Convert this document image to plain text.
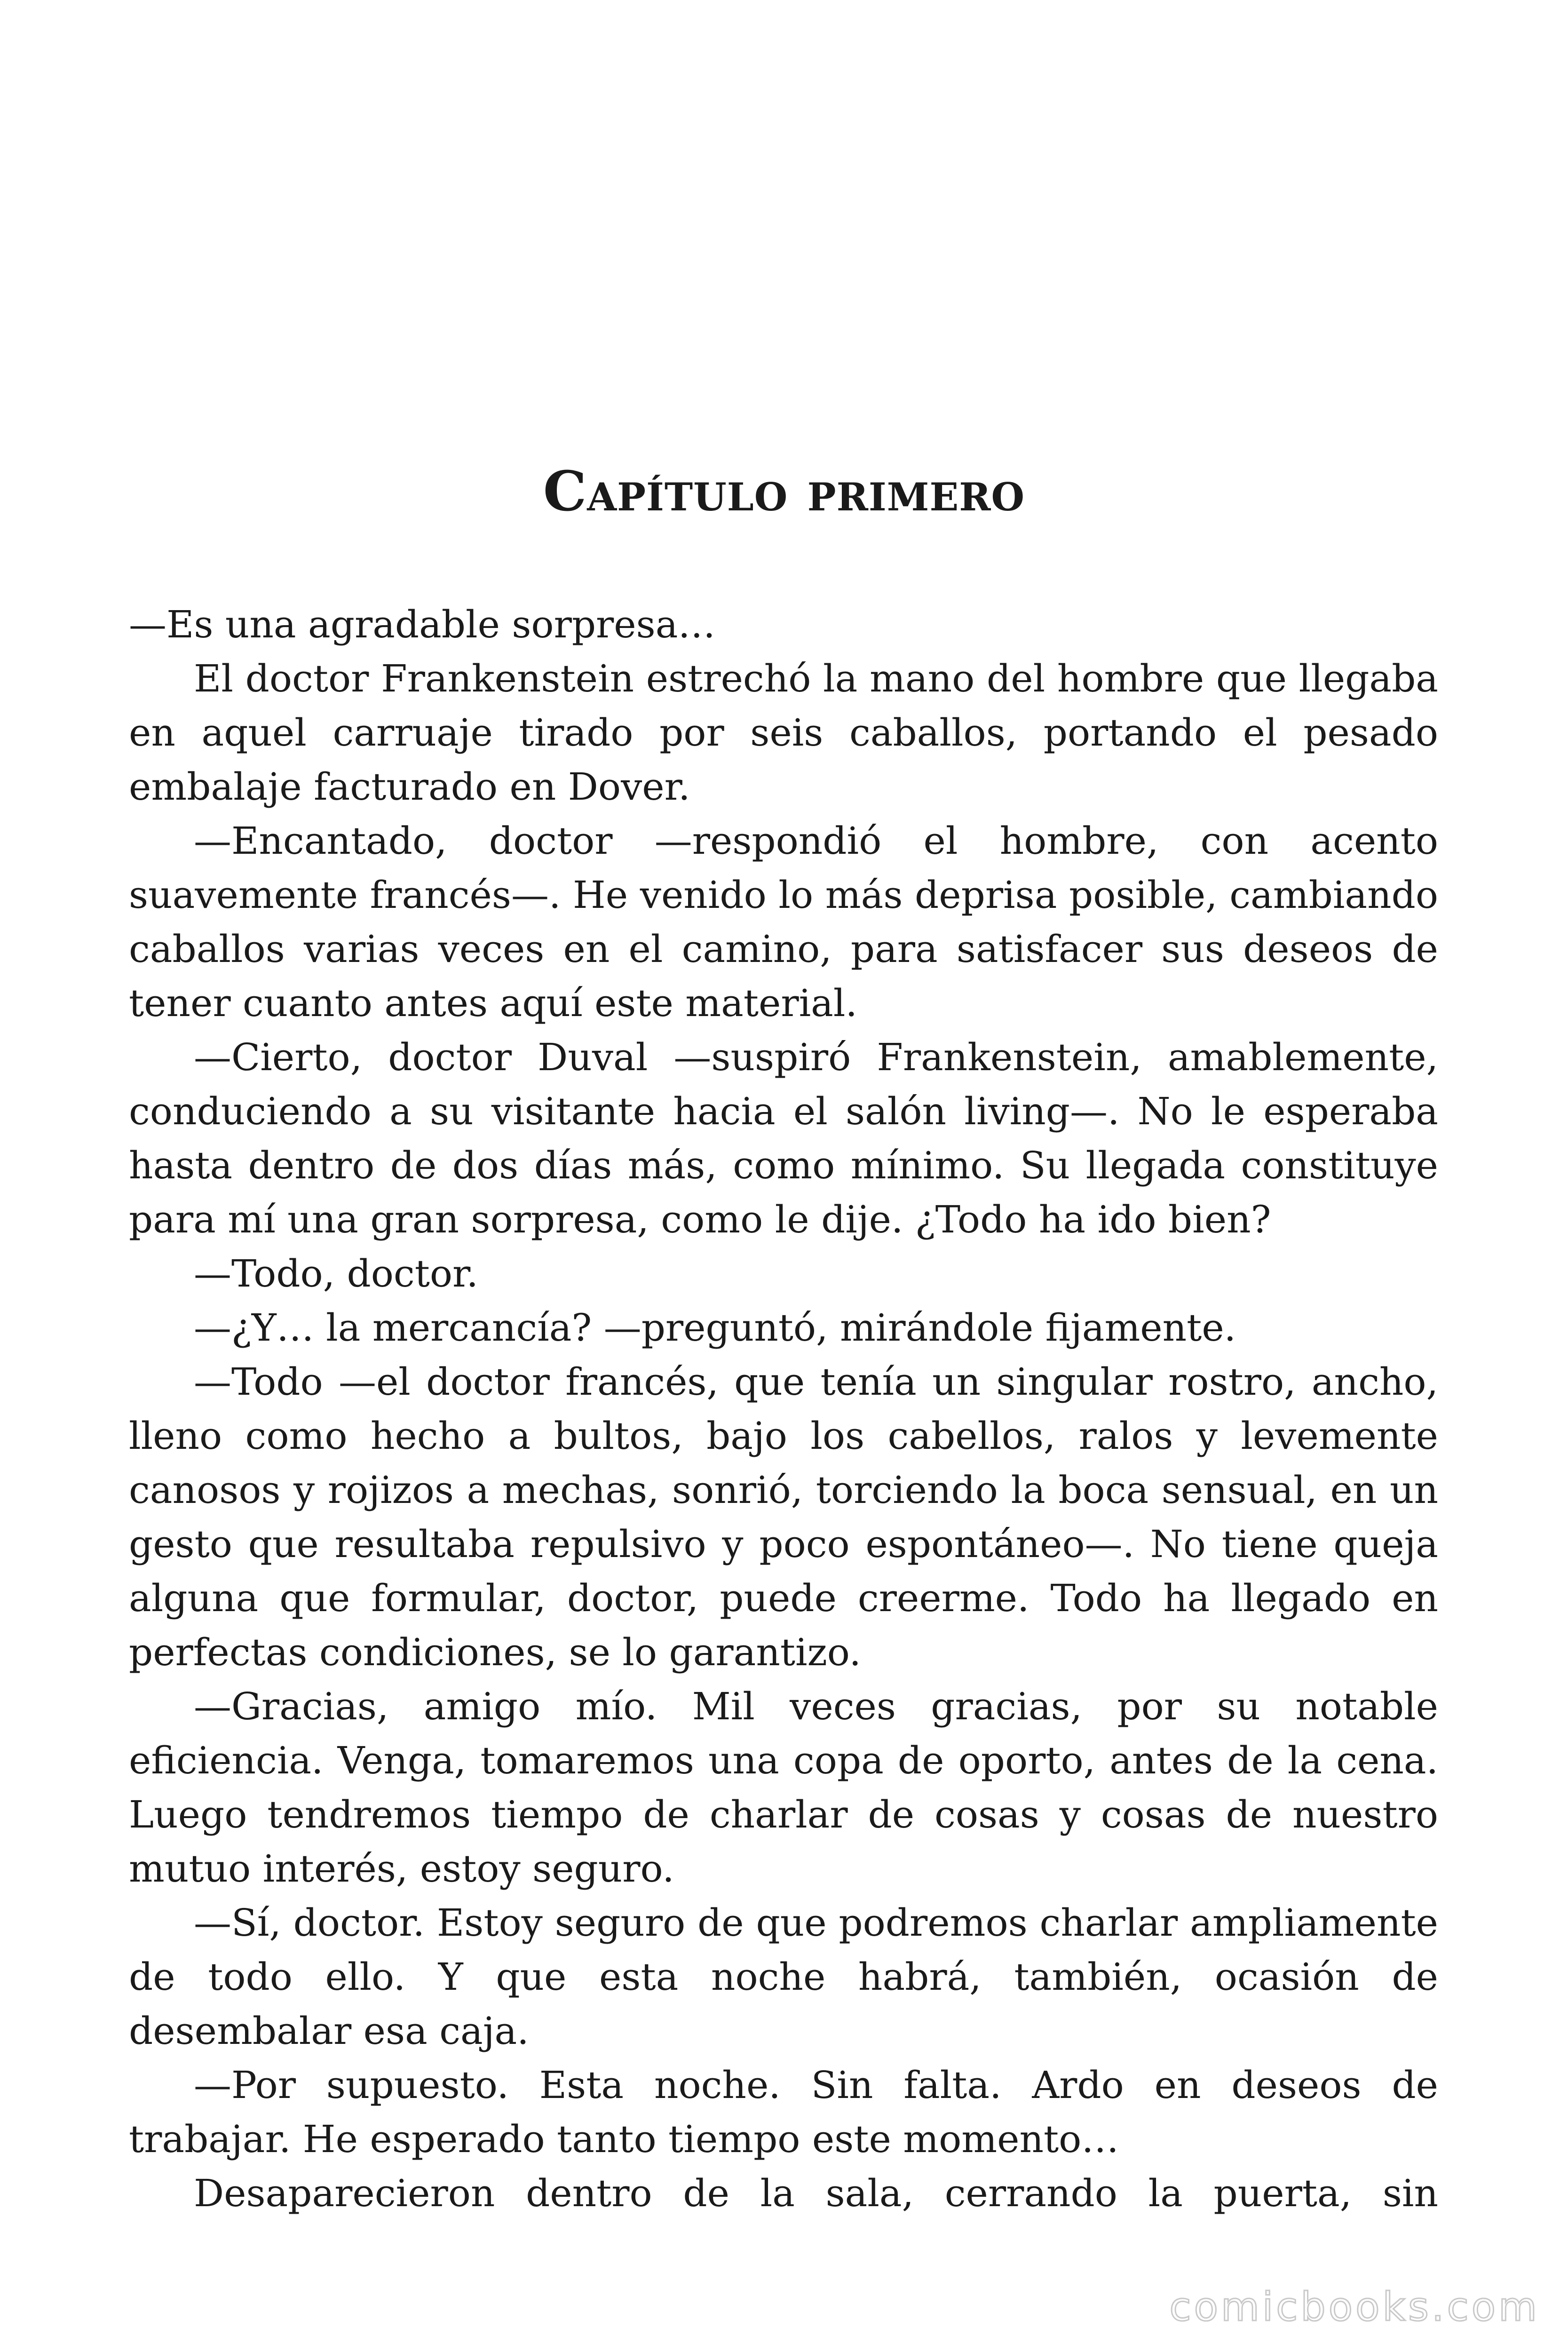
Capítulo primero

—Es una agradable sorpresa…

El doctor Frankenstein estrechó la mano del hombre que llegaba en aquel carruaje tirado por seis caballos, portando el pesado embalaje facturado en Dover.

—Encantado, doctor —respondió el hombre, con acento suavemente francés—. He venido lo más deprisa posible, cambiando caballos varias veces en el camino, para satisfacer sus deseos de tener cuanto antes aquí este material.

—Cierto, doctor Duval —suspiró Frankenstein, amablemente, conduciendo a su visitante hacia el salón living—. No le esperaba hasta dentro de dos días más, como mínimo. Su llegada constituye para mí una gran sorpresa, como le dije. ¿Todo ha ido bien?

—Todo, doctor.

—¿Y… la mercancía? —preguntó, mirándole fijamente.

—Todo —el doctor francés, que tenía un singular rostro, ancho, lleno como hecho a bultos, bajo los cabellos, ralos y levemente canosos y rojizos a mechas, sonrió, torciendo la boca sensual, en un gesto que resultaba repulsivo y poco espontáneo—. No tiene queja alguna que formular, doctor, puede creerme. Todo ha llegado en perfectas condiciones, se lo garantizo.

—Gracias, amigo mío. Mil veces gracias, por su notable eficiencia. Venga, tomaremos una copa de oporto, antes de la cena. Luego tendremos tiempo de charlar de cosas y cosas de nuestro mutuo interés, estoy seguro.

—Sí, doctor. Estoy seguro de que podremos charlar ampliamente de todo ello. Y que esta noche habrá, también, ocasión de desembalar esa caja.

—Por supuesto. Esta noche. Sin falta. Ardo en deseos de trabajar. He esperado tanto tiempo este momento…

Desaparecieron dentro de la sala, cerrando la puerta, sin

comicbooks.com
